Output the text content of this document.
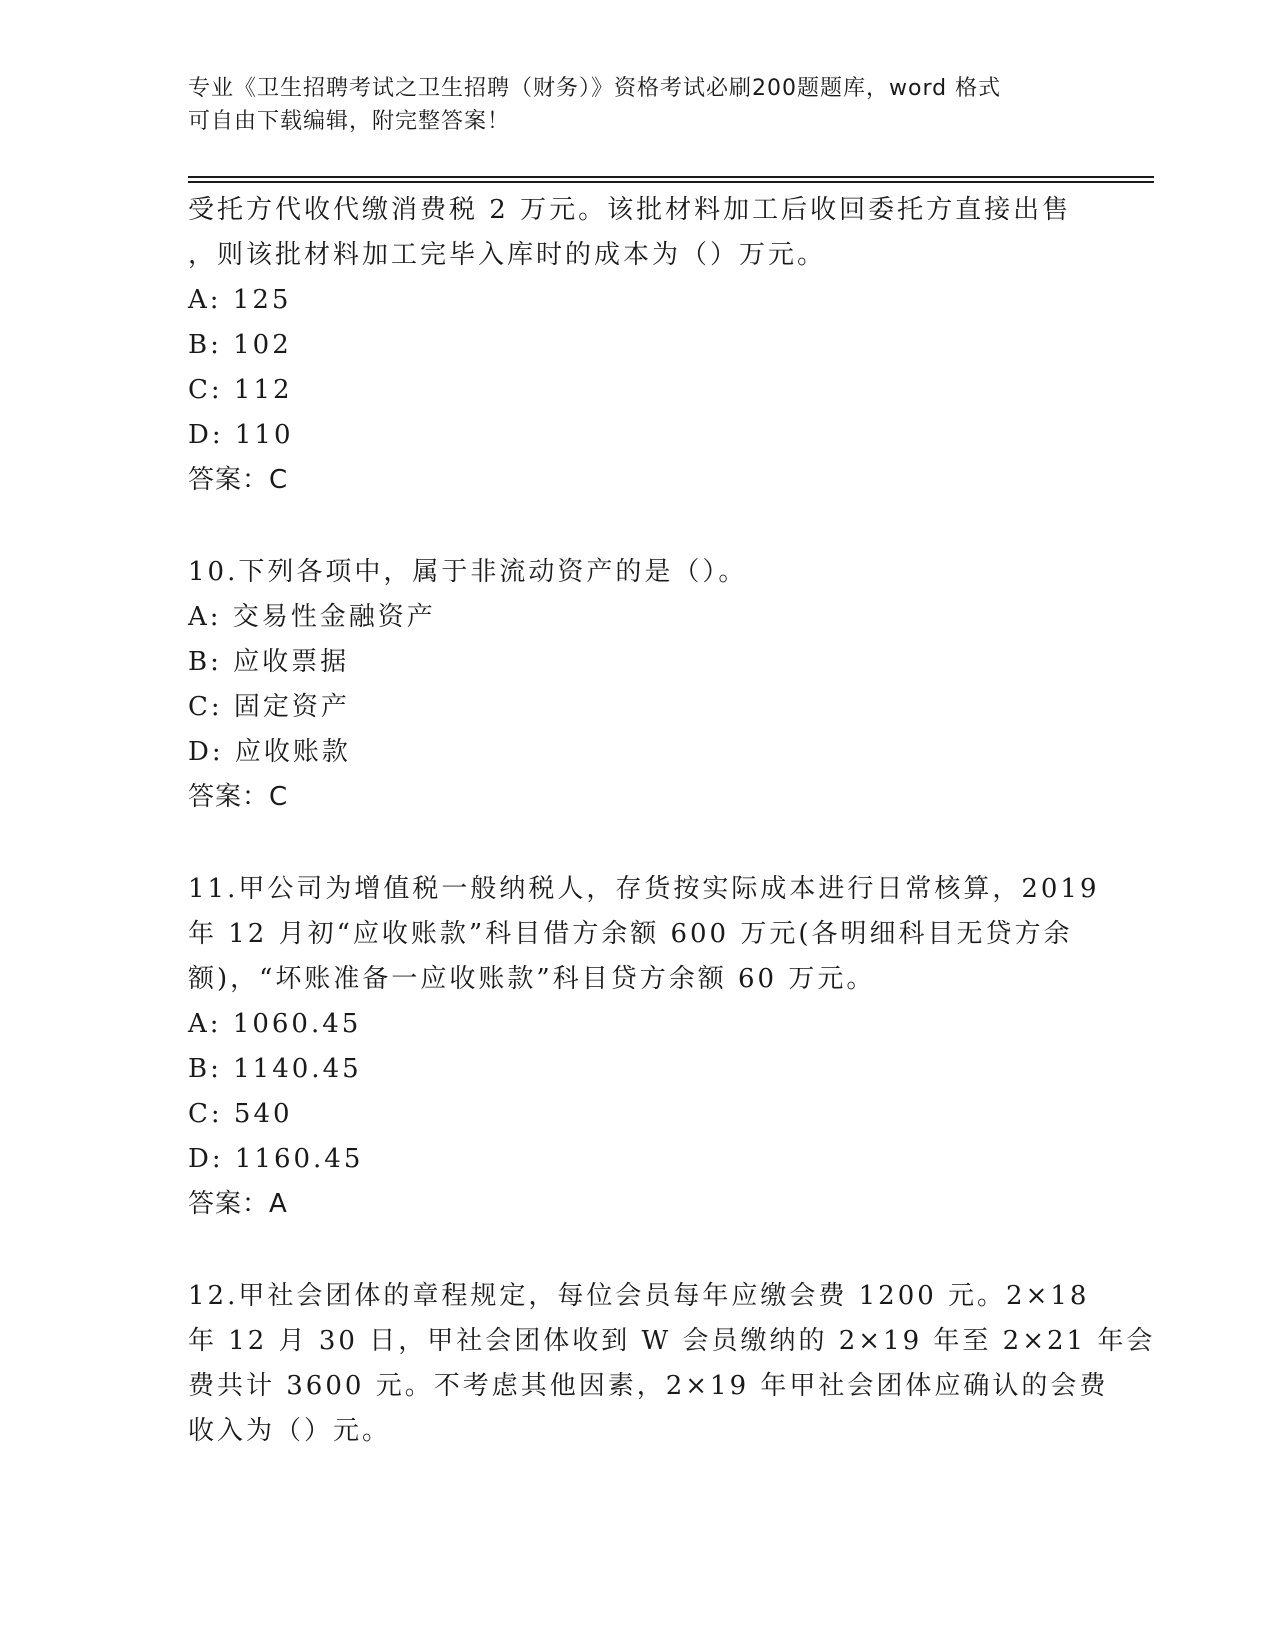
专业《卫生招聘考试之卫生招聘（财务）》资格考试必刷200题题库，word 格式
可自由下载编辑，附完整答案！
受托方代收代缴消费税 2 万元。该批材料加工后收回委托方直接出售
，则该批材料加工完毕入库时的成本为（）万元。
A: 125
B: 102
C: 112
D: 110
答案：C
10.下列各项中，属于非流动资产的是（）。
A: 交易性金融资产
B: 应收票据
C: 固定资产
D: 应收账款
答案：C
11.甲公司为增值税一般纳税人，存货按实际成本进行日常核算，2019
年 12 月初“应收账款”科目借方余额 600 万元(各明细科目无贷方余
额)，“坏账准备一应收账款”科目贷方余额 60 万元。
A: 1060.45
B: 1140.45
C: 540
D: 1160.45
答案：A
12.甲社会团体的章程规定，每位会员每年应缴会费 1200 元。2×18
年 12 月 30 日，甲社会团体收到 W 会员缴纳的 2×19 年至 2×21 年会
费共计 3600 元。不考虑其他因素，2×19 年甲社会团体应确认的会费
收入为（）元。
